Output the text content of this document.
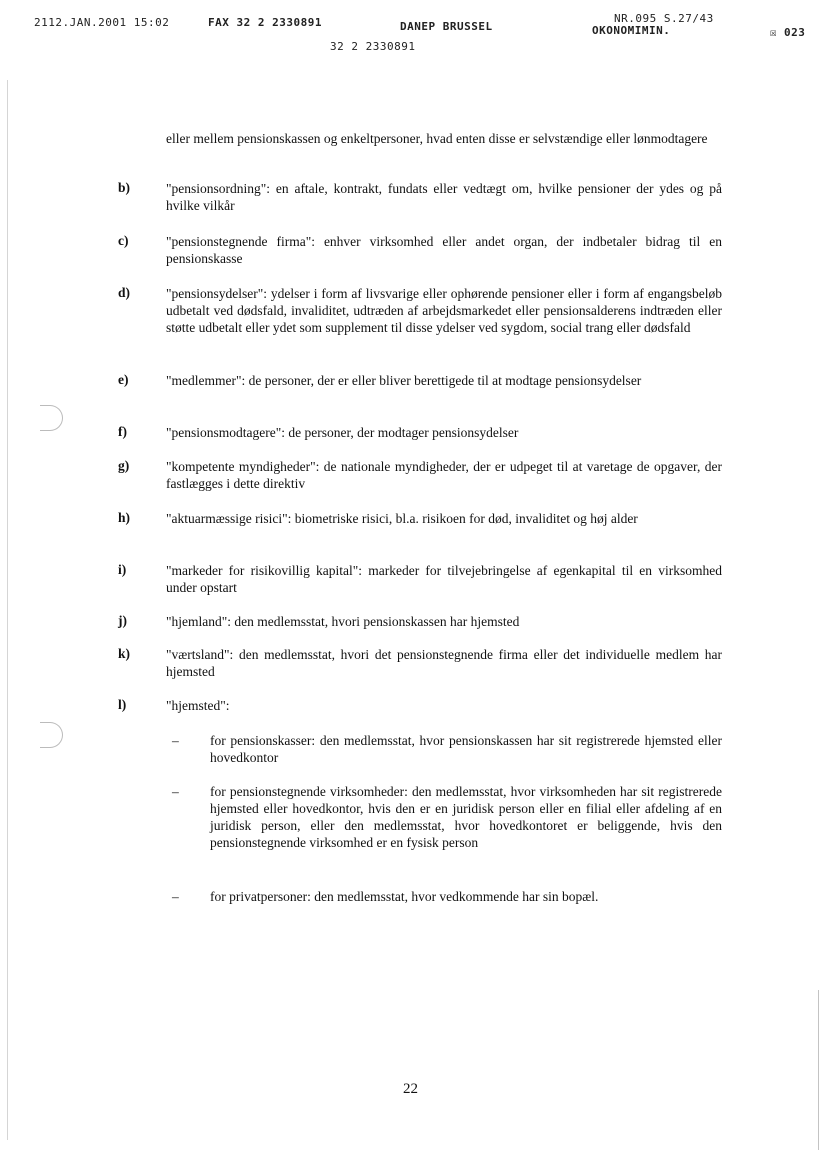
2112.JAN.2001 15:02	FAX 32 2 2330891	DANEP BRUSSEL
NR.095 S.27/43
OKONOMIMIN.	☒ 023
32 2 2330891
eller mellem pensionskassen og enkeltpersoner, hvad enten disse er selvstændige eller lønmodtagere
b)	"pensionsordning": en aftale, kontrakt, fundats eller vedtægt om, hvilke pensioner der ydes og på hvilke vilkår
c)	"pensionstegnende firma": enhver virksomhed eller andet organ, der indbetaler bidrag til en pensionskasse
d)	"pensionsydelser": ydelser i form af livsvarige eller ophørende pensioner eller i form af engangsbeløb udbetalt ved dødsfald, invaliditet, udtræden af arbejdsmarkedet eller pensionsalderens indtræden eller støtte udbetalt eller ydet som supplement til disse ydelser ved sygdom, social trang eller dødsfald
e)	"medlemmer": de personer, der er eller bliver berettigede til at modtage pensionsydelser
f)	"pensionsmodtagere": de personer, der modtager pensionsydelser
g)	"kompetente myndigheder": de nationale myndigheder, der er udpeget til at varetage de opgaver, der fastlægges i dette direktiv
h)	"aktuarmæssige risici": biometriske risici, bl.a. risikoen for død, invaliditet og høj alder
i)	"markeder for risikovillig kapital": markeder for tilvejebringelse af egenkapital til en virksomhed under opstart
j)	"hjemland": den medlemsstat, hvori pensionskassen har hjemsted
k)	"værtsland": den medlemsstat, hvori det pensionstegnende firma eller det individuelle medlem har hjemsted
l)	"hjemsted":
– for pensionskasser: den medlemsstat, hvor pensionskassen har sit registrerede hjemsted eller hovedkontor
– for pensionstegnende virksomheder: den medlemsstat, hvor virksomheden har sit registrerede hjemsted eller hovedkontor, hvis den er en juridisk person eller en filial eller afdeling af en juridisk person, eller den medlemsstat, hvor hovedkontoret er beliggende, hvis den pensionstegnende virksomhed er en fysisk person
– for privatpersoner: den medlemsstat, hvor vedkommende har sin bopæl.
22
